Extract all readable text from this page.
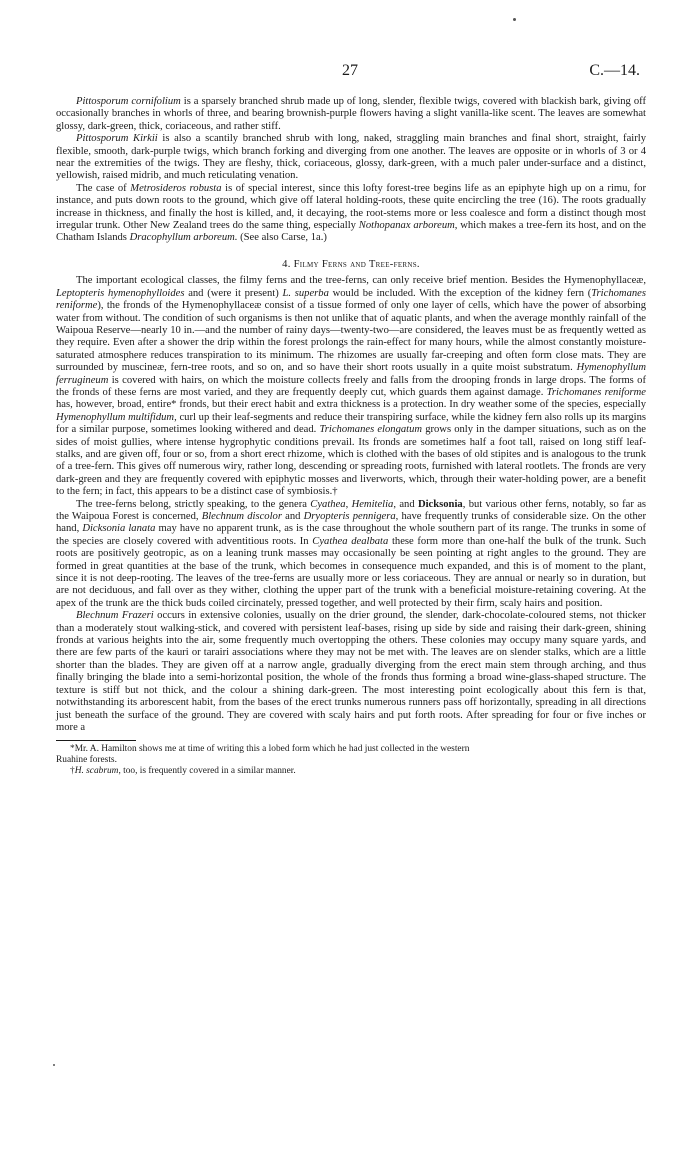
27	C.—14.

Pittosporum cornifolium is a sparsely branched shrub made up of long, slender, flexible twigs, covered with blackish bark, giving off occasionally branches in whorls of three, and bearing brownish-purple flowers having a slight vanilla-like scent. The leaves are somewhat glossy, dark-green, thick, coriaceous, and rather stiff.

Pittosporum Kirkii is also a scantily branched shrub with long, naked, straggling main branches and final short, straight, fairly flexible, smooth, dark-purple twigs, which branch forking and diverging from one another. The leaves are opposite or in whorls of 3 or 4 near the extremities of the twigs. They are fleshy, thick, coriaceous, glossy, dark-green, with a much paler under-surface and a distinct, yellowish, raised midrib, and much reticulating venation.

The case of Metrosideros robusta is of special interest, since this lofty forest-tree begins life as an epiphyte high up on a rimu, for instance, and puts down roots to the ground, which give off lateral holding-roots, these quite encircling the tree (16). The roots gradually increase in thickness, and finally the host is killed, and, it decaying, the root-stems more or less coalesce and form a distinct though most irregular trunk. Other New Zealand trees do the same thing, especially Nothopanax arboreum, which makes a tree-fern its host, and on the Chatham Islands Dracophyllum arboreum. (See also Carse, 1a.)

4. Filmy Ferns and Tree-ferns.

The important ecological classes, the filmy ferns and the tree-ferns, can only receive brief mention. Besides the Hymenophyllaceæ, Leptopteris hymenophylloides and (were it present) L. superba would be included. With the exception of the kidney fern (Trichomanes reniforme), the fronds of the Hymenophyllaceæ consist of a tissue formed of only one layer of cells, which have the power of absorbing water from without. The condition of such organisms is then not unlike that of aquatic plants, and when the average monthly rainfall of the Waipoua Reserve—nearly 10 in.—and the number of rainy days—twenty-two—are considered, the leaves must be as frequently wetted as they require. Even after a shower the drip within the forest prolongs the rain-effect for many hours, while the almost constantly moisture-saturated atmosphere reduces transpiration to its minimum. The rhizomes are usually far-creeping and often form close mats. They are surrounded by muscineæ, fern-tree roots, and so on, and so have their short roots usually in a quite moist substratum. Hymenophyllum ferrugineum is covered with hairs, on which the moisture collects freely and falls from the drooping fronds in large drops. The forms of the fronds of these ferns are most varied, and they are frequently deeply cut, which guards them against damage. Trichomanes reniforme has, however, broad, entire* fronds, but their erect habit and extra thickness is a protection. In dry weather some of the species, especially Hymenophyllum multifidum, curl up their leaf-segments and reduce their transpiring surface, while the kidney fern also rolls up its margins for a similar purpose, sometimes looking withered and dead. Trichomanes elongatum grows only in the damper situations, such as on the sides of moist gullies, where intense hygrophytic conditions prevail. Its fronds are sometimes half a foot tall, raised on long stiff leaf-stalks, and are given off, four or so, from a short erect rhizome, which is clothed with the bases of old stipites and is analogous to the trunk of a tree-fern. This gives off numerous wiry, rather long, descending or spreading roots, furnished with lateral rootlets. The fronds are very dark-green and they are frequently covered with epiphytic mosses and liverworts, which, through their water-holding power, are a benefit to the fern; in fact, this appears to be a distinct case of symbiosis.†

The tree-ferns belong, strictly speaking, to the genera Cyathea, Hemitelia, and Dicksonia, but various other ferns, notably, so far as the Waipoua Forest is concerned, Blechnum discolor and Dryopteris pennigera, have frequently trunks of considerable size. On the other hand, Dicksonia lanata may have no apparent trunk, as is the case throughout the whole southern part of its range. The trunks in some of the species are closely covered with adventitious roots. In Cyathea dealbata these form more than one-half the bulk of the trunk. Such roots are positively geotropic, as on a leaning trunk masses may occasionally be seen pointing at right angles to the ground. They are formed in great quantities at the base of the trunk, which becomes in consequence much expanded, and this is of moment to the plant, since it is not deep-rooting. The leaves of the tree-ferns are usually more or less coriaceous. They are annual or nearly so in duration, but are not deciduous, and fall over as they wither, clothing the upper part of the trunk with a beneficial moisture-retaining covering. At the apex of the trunk are the thick buds coiled circinately, pressed together, and well protected by their firm, scaly hairs and position.

Blechnum Frazeri occurs in extensive colonies, usually on the drier ground, the slender, dark-chocolate-coloured stems, not thicker than a moderately stout walking-stick, and covered with persistent leaf-bases, rising up side by side and raising their dark-green, shining fronds at various heights into the air, some frequently much overtopping the others. These colonies may occupy many square yards, and there are few parts of the kauri or tarairi associations where they may not be met with. The leaves are on slender stalks, which are a little shorter than the blades. They are given off at a narrow angle, gradually diverging from the erect main stem through arching, and thus finally bringing the blade into a semi-horizontal position, the whole of the fronds thus forming a broad wine-glass-shaped structure. The texture is stiff but not thick, and the colour a shining dark-green. The most interesting point ecologically about this fern is that, notwithstanding its arborescent habit, from the bases of the erect trunks numerous runners pass off horizontally, spreading in all directions just beneath the surface of the ground. They are covered with scaly hairs and put forth roots. After spreading for four or five inches or more a

*Mr. A. Hamilton shows me at time of writing this a lobed form which he had just collected in the western

Ruahine forests.

†H. scabrum, too, is frequently covered in a similar manner.
